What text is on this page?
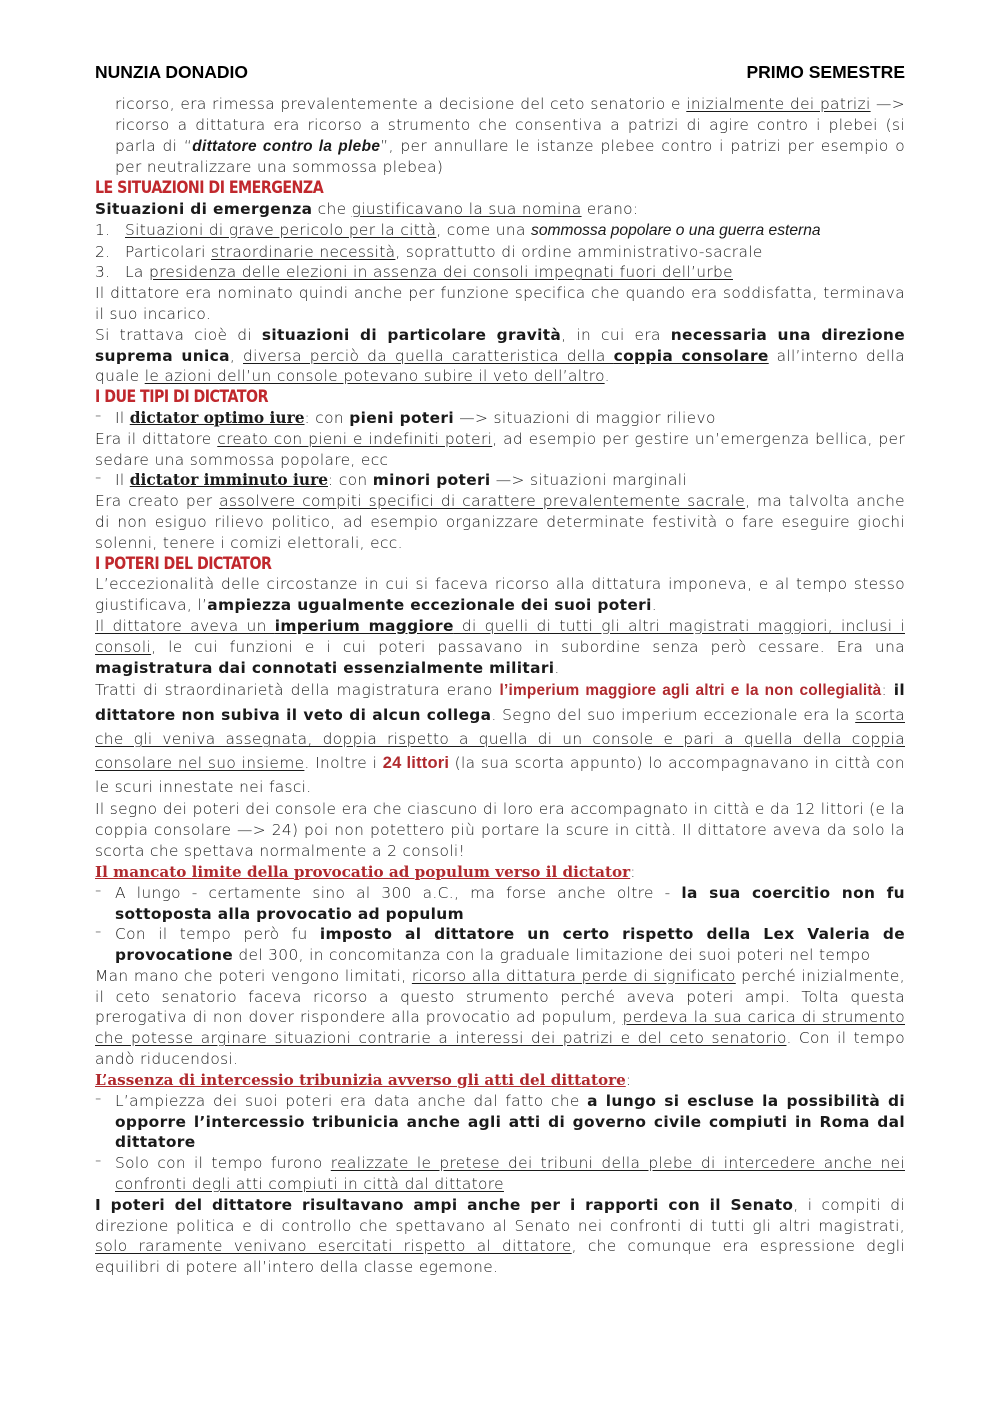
NUNZIA DONADIO	PRIMO SEMESTRE

ricorso, era rimessa prevalentemente a decisione del ceto senatorio e inizialmente dei patrizi —> ricorso a dittatura era ricorso a strumento che consentiva a patrizi di agire contro i plebei (si parla di “dittatore contro la plebe”, per annullare le istanze plebee contro i patrizi per esempio o per neutralizzare una sommossa plebea)

LE SITUAZIONI DI EMERGENZA

Situazioni di emergenza che giustificavano la sua nomina erano:

1. Situazioni di grave pericolo per la città, come una sommossa popolare o una guerra esterna
2. Particolari straordinarie necessità, soprattutto di ordine amministrativo-sacrale
3. La presidenza delle elezioni in assenza dei consoli impegnati fuori dell’urbe

Il dittatore era nominato quindi anche per funzione specifica che quando era soddisfatta, terminava il suo incarico.

Si trattava cioè di situazioni di particolare gravità, in cui era necessaria una direzione suprema unica, diversa perciò da quella caratteristica della coppia consolare all’interno della quale le azioni dell’un console potevano subire il veto dell’altro.

I DUE TIPI DI DICTATOR
⁻ Il dictator optimo iure: con pieni poteri —> situazioni di maggior rilievo

Era il dittatore creato con pieni e indefiniti poteri, ad esempio per gestire un’emergenza bellica, per sedare una sommossa popolare, ecc

⁻ Il dictator imminuto iure: con minori poteri —> situazioni marginali

Era creato per assolvere compiti specifici di carattere prevalentemente sacrale, ma talvolta anche di non esiguo rilievo politico, ad esempio organizzare determinate festività o fare eseguire giochi solenni, tenere i comizi elettorali, ecc.

I POTERI DEL DICTATOR

L’eccezionalità delle circostanze in cui si faceva ricorso alla dittatura imponeva, e al tempo stesso giustificava, l’ampiezza ugualmente eccezionale dei suoi poteri.

Il dittatore aveva un imperium maggiore di quelli di tutti gli altri magistrati maggiori, inclusi i consoli, le cui funzioni e i cui poteri passavano in subordine senza però cessare. Era una magistratura dai connotati essenzialmente militari.

Tratti di straordinarietà della magistratura erano l’imperium maggiore agli altri e la non collegialità: il dittatore non subiva il veto di alcun collega. Segno del suo imperium eccezionale era la scorta che gli veniva assegnata, doppia rispetto a quella di un console e pari a quella della coppia consolare nel suo insieme. Inoltre i 24 littori (la sua scorta appunto) lo accompagnavano in città con le scuri innestate nei fasci.

Il segno dei poteri dei console era che ciascuno di loro era accompagnato in città e da 12 littori (e la coppia consolare —> 24) poi non potettero più portare la scure in città. Il dittatore aveva da solo la scorta che spettava normalmente a 2 consoli!

Il mancato limite della provocatio ad populum verso il dictator:
⁻ A lungo - certamente sino al 300 a.C., ma forse anche oltre - la sua coercitio non fu sottoposta alla provocatio ad populum
⁻ Con il tempo però fu imposto al dittatore un certo rispetto della Lex Valeria de provocatione del 300, in concomitanza con la graduale limitazione dei suoi poteri nel tempo

Man mano che poteri vengono limitati, ricorso alla dittatura perde di significato perché inizialmente, il ceto senatorio faceva ricorso a questo strumento perché aveva poteri ampi. Tolta questa prerogativa di non dover rispondere alla provocatio ad populum, perdeva la sua carica di strumento che potesse arginare situazioni contrarie a interessi dei patrizi e del ceto senatorio. Con il tempo andò riducendosi.

L’assenza di intercessio tribunizia avverso gli atti del dittatore:
⁻ L’ampiezza dei suoi poteri era data anche dal fatto che a lungo si escluse la possibilità di opporre l’intercessio tribunicia anche agli atti di governo civile compiuti in Roma dal dittatore
⁻ Solo con il tempo furono realizzate le pretese dei tribuni della plebe di intercedere anche nei confronti degli atti compiuti in città dal dittatore

I poteri del dittatore risultavano ampi anche per i rapporti con il Senato, i compiti di direzione politica e di controllo che spettavano al Senato nei confronti di tutti gli altri magistrati, solo raramente venivano esercitati rispetto al dittatore, che comunque era espressione degli equilibri di potere all’intero della classe egemone.
